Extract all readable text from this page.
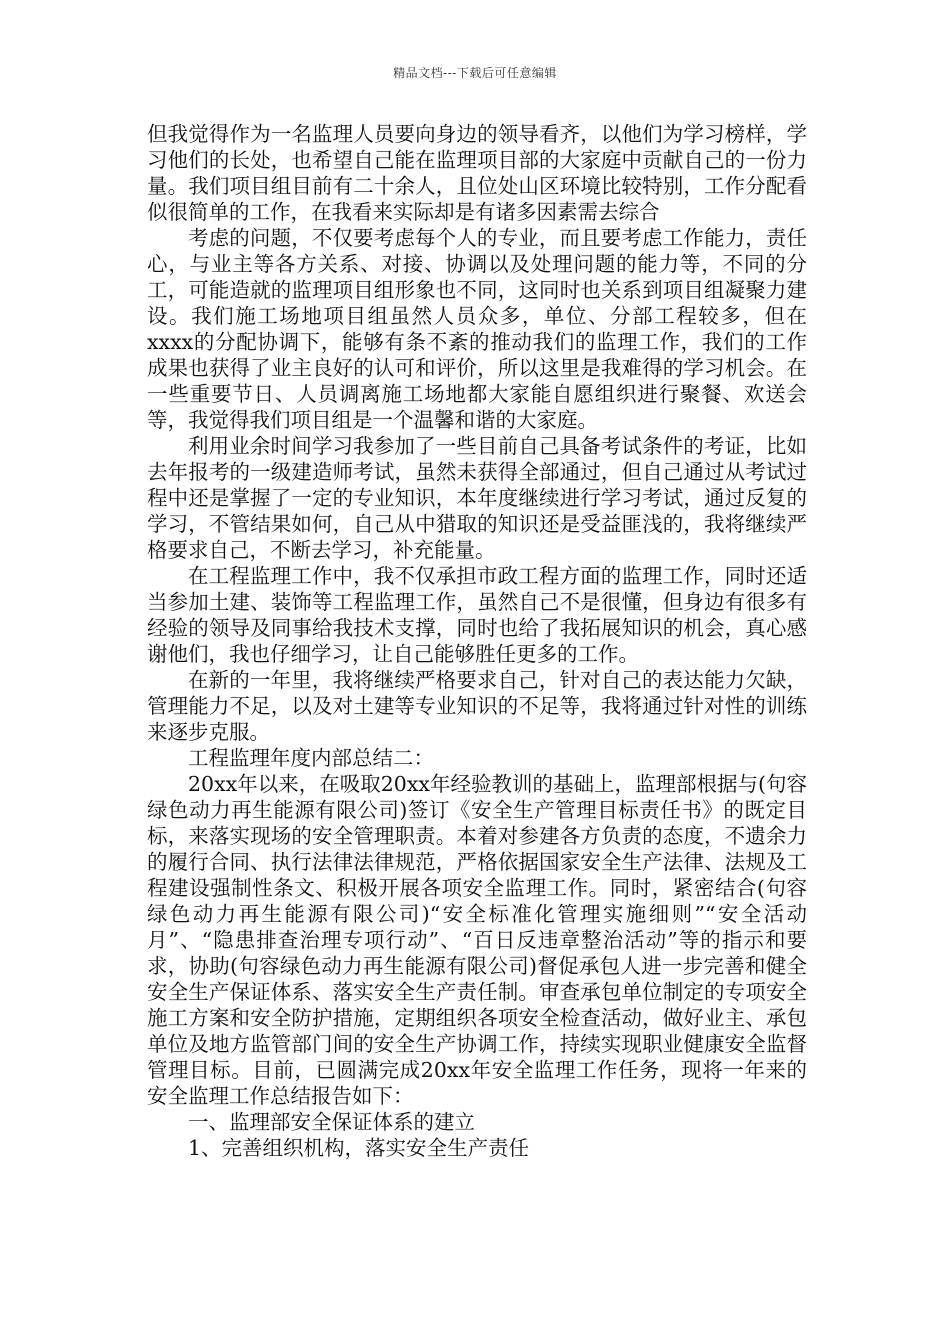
精品文档---下载后可任意编辑

但我觉得作为一名监理人员要向身边的领导看齐，以他们为学习榜样，学习他们的长处，也希望自己能在监理项目部的大家庭中贡献自己的一份力量。我们项目组目前有二十余人，且位处山区环境比较特别，工作分配看似很简单的工作，在我看来实际却是有诸多因素需去综合

考虑的问题，不仅要考虑每个人的专业，而且要考虑工作能力，责任心，与业主等各方关系、对接、协调以及处理问题的能力等，不同的分工，可能造就的监理项目组形象也不同，这同时也关系到项目组凝聚力建设。我们施工场地项目组虽然人员众多，单位、分部工程较多，但在xxxx的分配协调下，能够有条不紊的推动我们的监理工作，我们的工作成果也获得了业主良好的认可和评价，所以这里是我难得的学习机会。在一些重要节日、人员调离施工场地都大家能自愿组织进行聚餐、欢送会等，我觉得我们项目组是一个温馨和谐的大家庭。

利用业余时间学习我参加了一些目前自己具备考试条件的考证，比如去年报考的一级建造师考试，虽然未获得全部通过，但自己通过从考试过程中还是掌握了一定的专业知识，本年度继续进行学习考试，通过反复的学习，不管结果如何，自己从中猎取的知识还是受益匪浅的，我将继续严格要求自己，不断去学习，补充能量。

在工程监理工作中，我不仅承担市政工程方面的监理工作，同时还适当参加土建、装饰等工程监理工作，虽然自己不是很懂，但身边有很多有经验的领导及同事给我技术支撑，同时也给了我拓展知识的机会，真心感谢他们，我也仔细学习，让自己能够胜任更多的工作。

在新的一年里，我将继续严格要求自己，针对自己的表达能力欠缺，管理能力不足，以及对土建等专业知识的不足等，我将通过针对性的训练来逐步克服。

工程监理年度内部总结二：

20xx年以来，在吸取20xx年经验教训的基础上，监理部根据与(句容绿色动力再生能源有限公司)签订《安全生产管理目标责任书》的既定目标，来落实现场的安全管理职责。本着对参建各方负责的态度，不遗余力的履行合同、执行法律法律规范，严格依据国家安全生产法律、法规及工程建设强制性条文、积极开展各项安全监理工作。同时，紧密结合(句容绿色动力再生能源有限公司)“安全标准化管理实施细则”“安全活动月”、“隐患排查治理专项行动”、“百日反违章整治活动”等的指示和要求，协助(句容绿色动力再生能源有限公司)督促承包人进一步完善和健全安全生产保证体系、落实安全生产责任制。审查承包单位制定的专项安全施工方案和安全防护措施，定期组织各项安全检查活动，做好业主、承包单位及地方监管部门间的安全生产协调工作，持续实现职业健康安全监督管理目标。目前，已圆满完成20xx年安全监理工作任务，现将一年来的安全监理工作总结报告如下：

一、监理部安全保证体系的建立

1、完善组织机构，落实安全生产责任
